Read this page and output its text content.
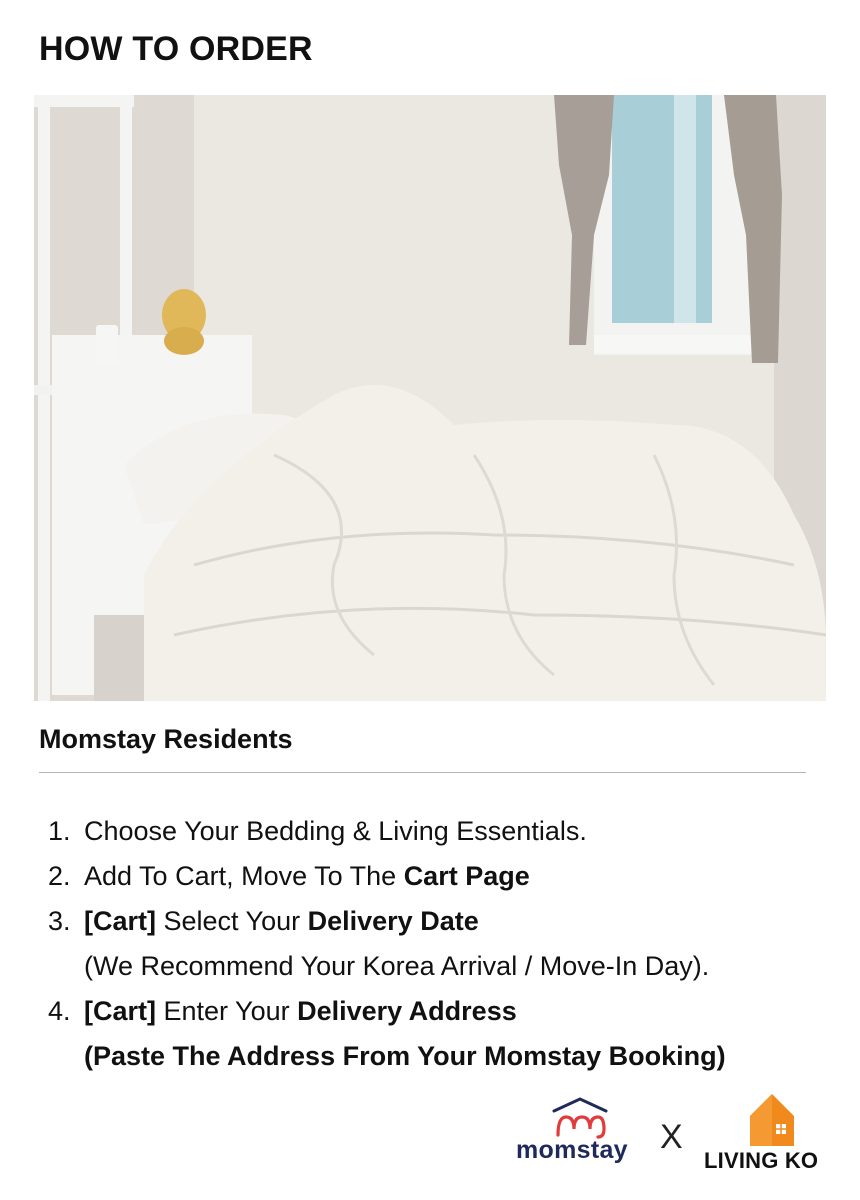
HOW TO ORDER
Momstay Residents
1. Choose Your Bedding & Living Essentials.
2. Add To Cart, Move To The Cart Page
3. [Cart] Select Your Delivery Date
(We Recommend Your Korea Arrival / Move-In Day).
4. [Cart] Enter Your Delivery Address
(Paste The Address From Your Momstay Booking)
momstay X
LIVING KO
